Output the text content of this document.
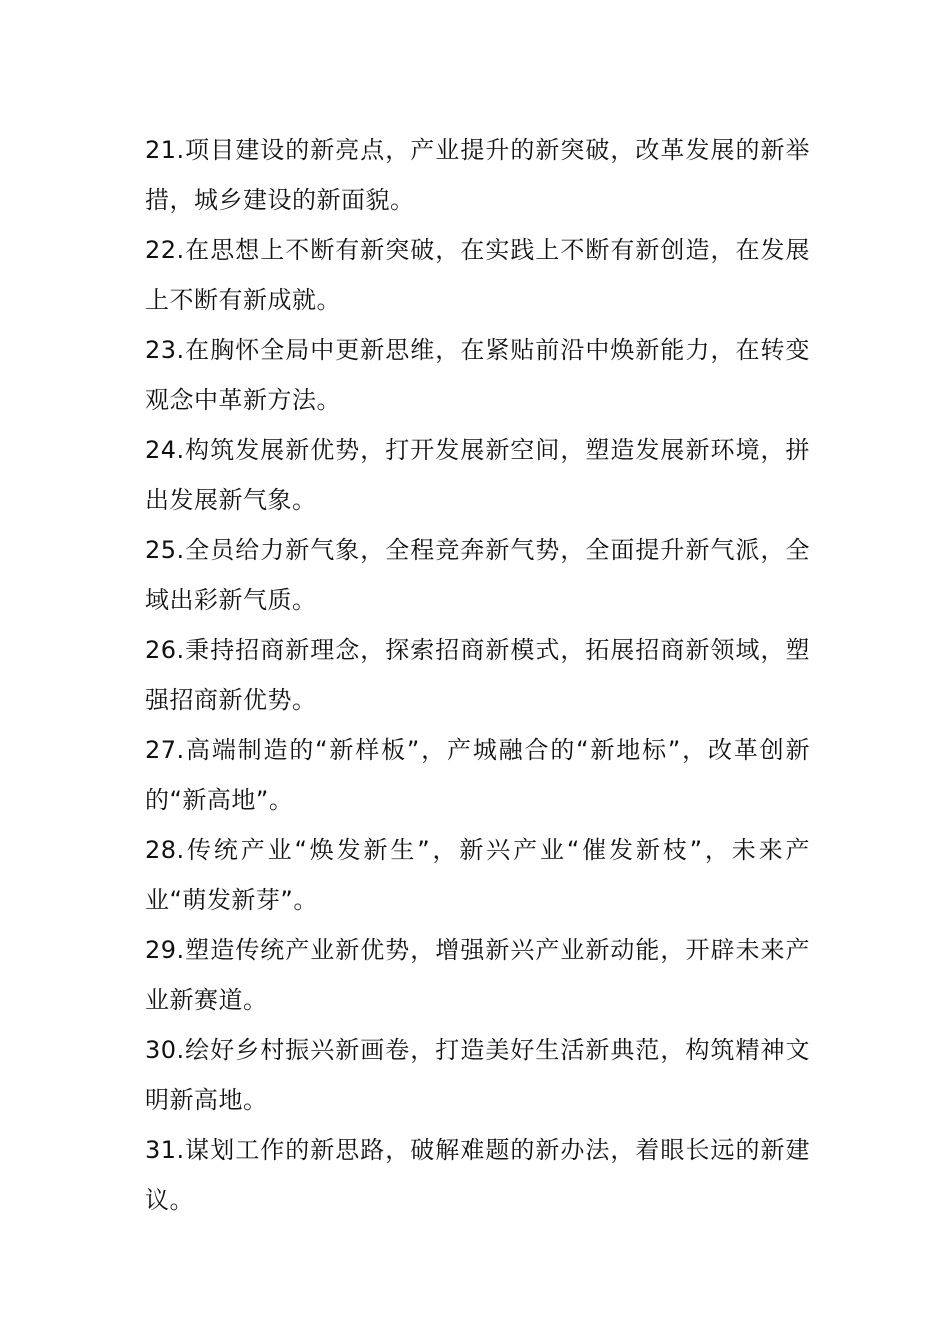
21.项目建设的新亮点，产业提升的新突破，改革发展的新举措，城乡建设的新面貌。

22.在思想上不断有新突破，在实践上不断有新创造，在发展上不断有新成就。

23.在胸怀全局中更新思维，在紧贴前沿中焕新能力，在转变观念中革新方法。

24.构筑发展新优势，打开发展新空间，塑造发展新环境，拼出发展新气象。

25.全员给力新气象，全程竞奔新气势，全面提升新气派，全域出彩新气质。

26.秉持招商新理念，探索招商新模式，拓展招商新领域，塑强招商新优势。

27.高端制造的“新样板”，产城融合的“新地标”，改革创新的“新高地”。

28.传统产业“焕发新生”，新兴产业“催发新枝”，未来产业“萌发新芽”。

29.塑造传统产业新优势，增强新兴产业新动能，开辟未来产业新赛道。

30.绘好乡村振兴新画卷，打造美好生活新典范，构筑精神文明新高地。

31.谋划工作的新思路，破解难题的新办法，着眼长远的新建议。
